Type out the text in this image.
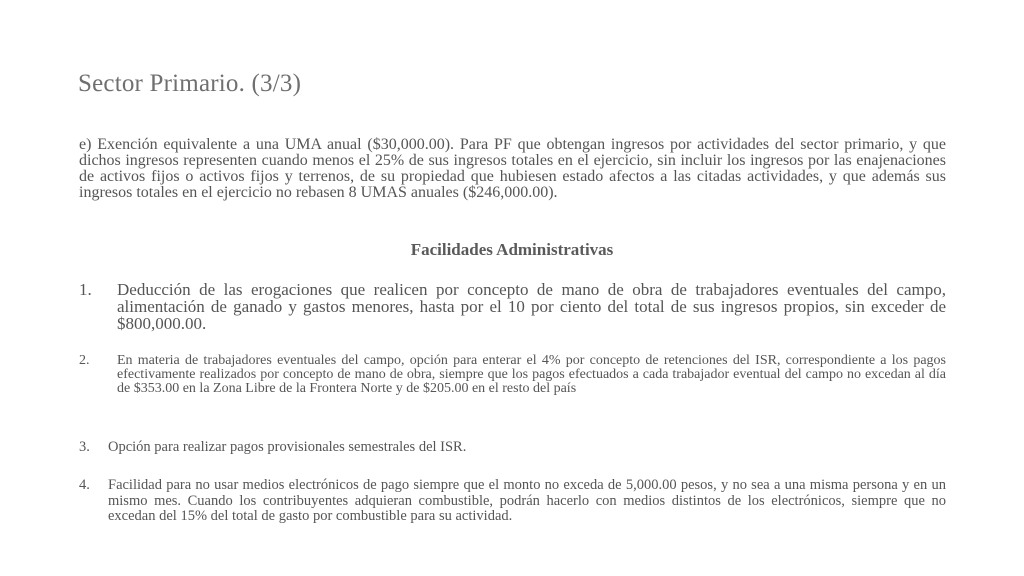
Sector Primario. (3/3)

e) Exención equivalente a una UMA anual ($30,000.00). Para PF que obtengan ingresos por actividades del sector primario, y que dichos ingresos representen cuando menos el 25% de sus ingresos totales en el ejercicio, sin incluir los ingresos por las enajenaciones de activos fijos o activos fijos y terrenos, de su propiedad que hubiesen estado afectos a las citadas actividades, y que además sus ingresos totales en el ejercicio no rebasen 8 UMAS anuales ($246,000.00).

Facilidades Administrativas
1.	Deducción de las erogaciones que realicen por concepto de mano de obra de trabajadores eventuales del campo, alimentación de ganado y gastos menores, hasta por el 10 por ciento del total de sus ingresos propios, sin exceder de $800,000.00.
2.	En materia de trabajadores eventuales del campo, opción para enterar el 4% por concepto de retenciones del ISR, correspondiente a los pagos efectivamente realizados por concepto de mano de obra, siempre que los pagos efectuados a cada trabajador eventual del campo no excedan al día de $353.00 en la Zona Libre de la Frontera Norte y de $205.00 en el resto del país
3.	Opción para realizar pagos provisionales semestrales del ISR.
4.	Facilidad para no usar medios electrónicos de pago siempre que el monto no exceda de 5,000.00 pesos, y no sea a una misma persona y en un mismo mes. Cuando los contribuyentes adquieran combustible, podrán hacerlo con medios distintos de los electrónicos, siempre que no excedan del 15% del total de gasto por combustible para su actividad.
